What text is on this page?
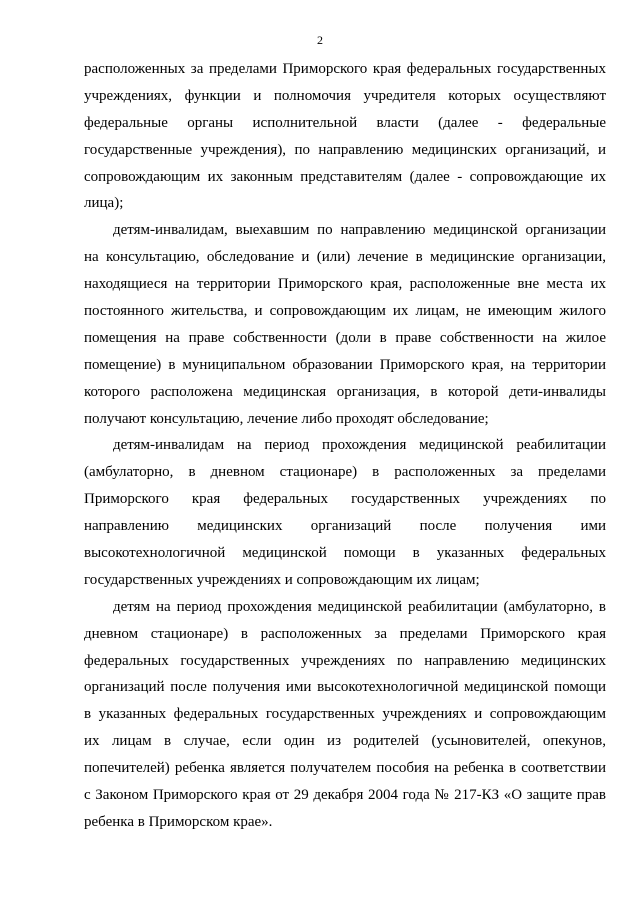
2
расположенных за пределами Приморского края федеральных государственных
учреждениях, функции и полномочия учредителя которых осуществляют
федеральные органы исполнительной власти (далее - федеральные
государственные учреждения), по направлению медицинских организаций, и
сопровождающим их законным представителям (далее - сопровождающие их
лица);
детям-инвалидам, выехавшим по направлению медицинской организации
на консультацию, обследование и (или) лечение в медицинские организации,
находящиеся на территории Приморского края, расположенные вне места их
постоянного жительства, и сопровождающим их лицам, не имеющим жилого
помещения на праве собственности (доли в праве собственности на жилое
помещение) в муниципальном образовании Приморского края, на территории
которого расположена медицинская организация, в которой дети-инвалиды
получают консультацию, лечение либо проходят обследование;
детям-инвалидам на период прохождения медицинской реабилитации
(амбулаторно, в дневном стационаре) в расположенных за пределами
Приморского края федеральных государственных учреждениях по
направлению медицинских организаций после получения ими
высокотехнологичной медицинской помощи в указанных федеральных
государственных учреждениях и сопровождающим их лицам;
детям на период прохождения медицинской реабилитации (амбулаторно, в
дневном стационаре) в расположенных за пределами Приморского края
федеральных государственных учреждениях по направлению медицинских
организаций после получения ими высокотехнологичной медицинской помощи
в указанных федеральных государственных учреждениях и сопровождающим
их лицам в случае, если один из родителей (усыновителей, опекунов,
попечителей) ребенка является получателем пособия на ребенка в соответствии
с Законом Приморского края от 29 декабря 2004 года № 217-КЗ «О защите прав
ребенка в Приморском крае».
